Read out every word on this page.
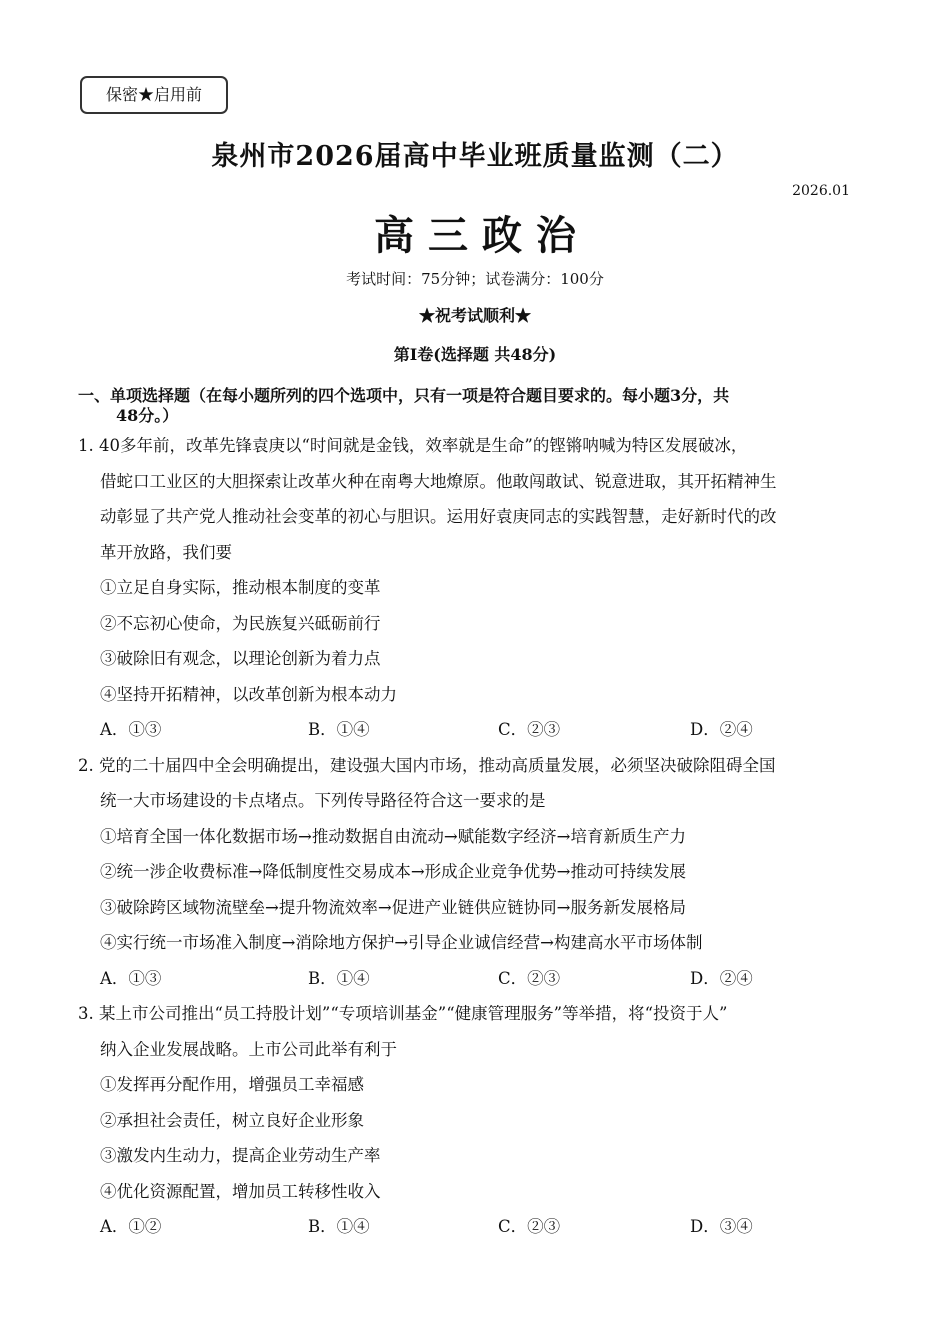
保密★启用前
泉州市2026届高中毕业班质量监测（二）
2026.01
高三政治
考试时间：75分钟；试卷满分：100分
★祝考试顺利★
第Ⅰ卷(选择题 共48分)
一、单项选择题（在每小题所列的四个选项中，只有一项是符合题目要求的。每小题3分，共
48分。）
1. 40多年前，改革先锋袁庚以“时间就是金钱，效率就是生命”的铿锵呐喊为特区发展破冰，
借蛇口工业区的大胆探索让改革火种在南粤大地燎原。他敢闯敢试、锐意进取，其开拓精神生
动彰显了共产党人推动社会变革的初心与胆识。运用好袁庚同志的实践智慧，走好新时代的改
革开放路，我们要
①立足自身实际，推动根本制度的变革
②不忘初心使命，为民族复兴砥砺前行
③破除旧有观念，以理论创新为着力点
④坚持开拓精神，以改革创新为根本动力
A．①③	B．①④	C．②③	D．②④
2. 党的二十届四中全会明确提出，建设强大国内市场，推动高质量发展，必须坚决破除阻碍全国
统一大市场建设的卡点堵点。下列传导路径符合这一要求的是
①培育全国一体化数据市场→推动数据自由流动→赋能数字经济→培育新质生产力
②统一涉企收费标准→降低制度性交易成本→形成企业竞争优势→推动可持续发展
③破除跨区域物流壁垒→提升物流效率→促进产业链供应链协同→服务新发展格局
④实行统一市场准入制度→消除地方保护→引导企业诚信经营→构建高水平市场体制
A．①③	B．①④	C．②③	D．②④
3. 某上市公司推出“员工持股计划”“专项培训基金”“健康管理服务”等举措，将“投资于人”
纳入企业发展战略。上市公司此举有利于
①发挥再分配作用，增强员工幸福感
②承担社会责任，树立良好企业形象
③激发内生动力，提高企业劳动生产率
④优化资源配置，增加员工转移性收入
A．①②	B．①④	C．②③	D．③④
